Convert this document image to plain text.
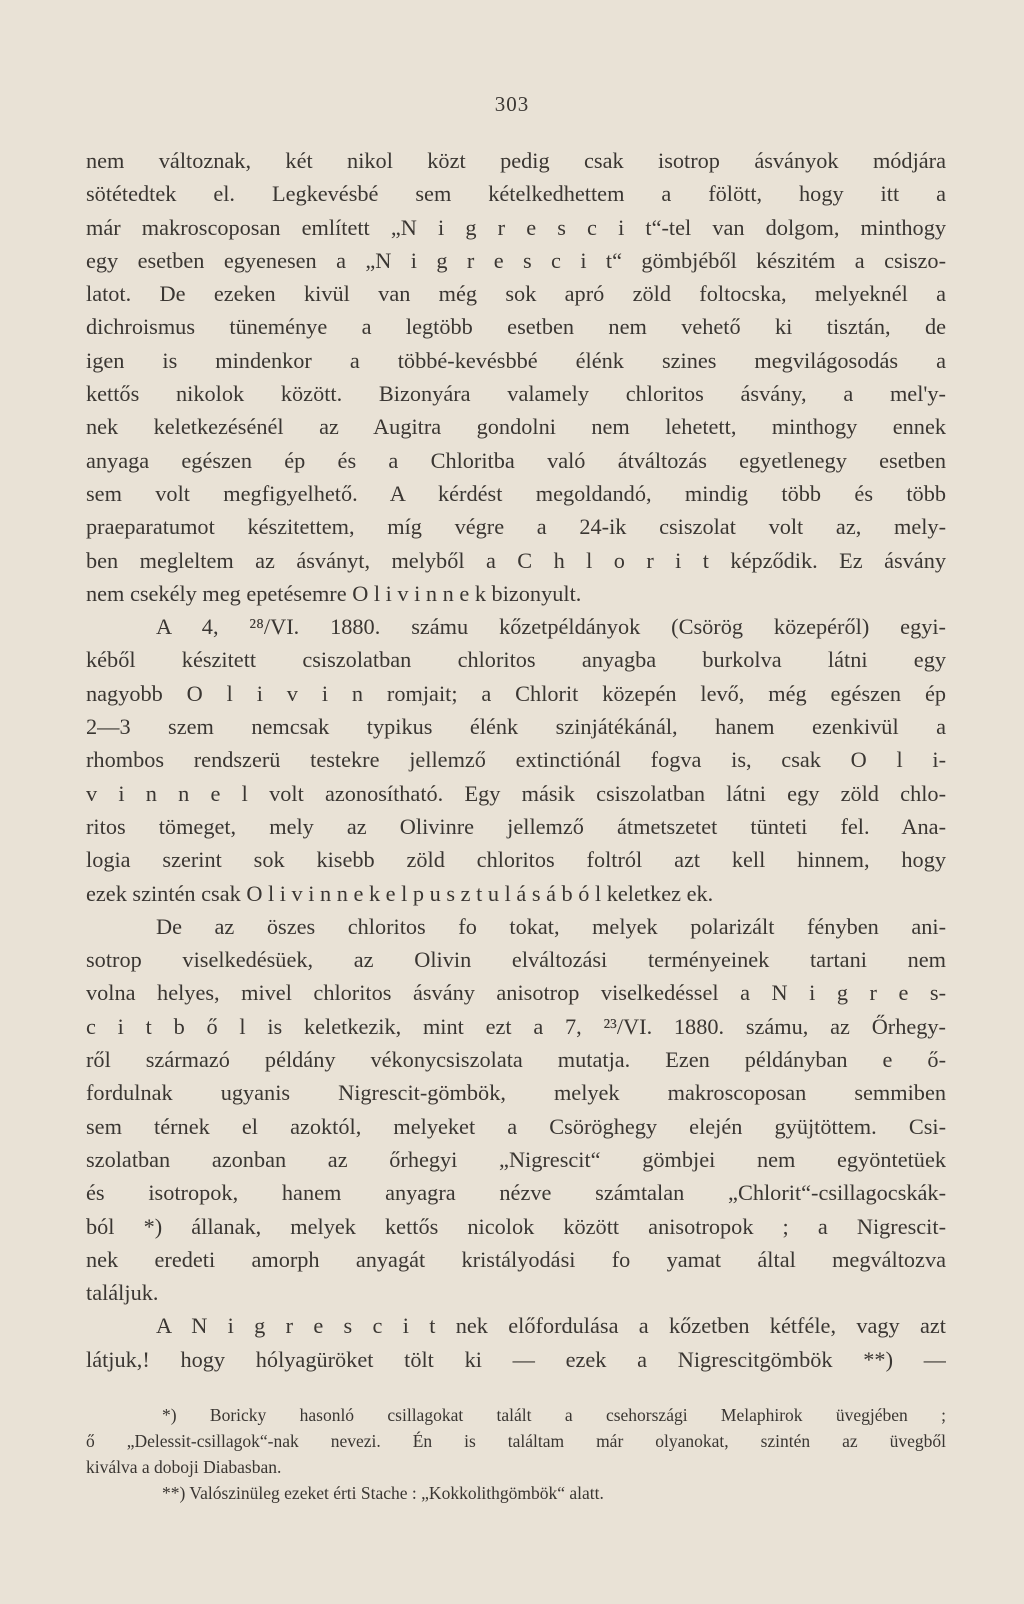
303

nem változnak, két nikol közt pedig csak isotrop ásványok módjára
sötétedtek el. Legkevésbé sem kételkedhettem a fölött, hogy itt a
már makroscoposan említett „N i g r e s c i t“-tel van dolgom, minthogy
egy esetben egyenesen a „N i g r e s c i t“ gömbjéből készitém a csiszo-
latot. De ezeken kivül van még sok apró zöld foltocska, melyeknél a
dichroismus tüneménye a legtöbb esetben nem vehető ki tisztán, de
igen is mindenkor a többé-kevésbbé élénk szines megvilágosodás a
kettős nikolok között. Bizonyára valamely chloritos ásvány, a mel'y-
nek keletkezésénél az Augitra gondolni nem lehetett, minthogy ennek
anyaga egészen ép és a Chloritba való átváltozás egyetlenegy esetben
sem volt megfigyelhető. A kérdést megoldandó, mindig több és több
praeparatumot készitettem, míg végre a 24-ik csiszolat volt az, mely-
ben megleltem az ásványt, melyből a C h l o r i t képződik. Ez ásvány
nem csekély meg epetésemre O l i v i n n e k bizonyult.

A 4, ²⁸/VI. 1880. számu kőzetpéldányok (Csörög közepéről) egyi-
kéből készitett csiszolatban chloritos anyagba burkolva látni egy
nagyobb O l i v i n romjait; a Chlorit közepén levő, még egészen ép
2—3 szem nemcsak typikus élénk szinjátékánál, hanem ezenkivül a
rhombos rendszerü testekre jellemző extinctiónál fogva is, csak O l i-
v i n n e l volt azonosítható. Egy másik csiszolatban látni egy zöld chlo-
ritos tömeget, mely az Olivinre jellemző átmetszetet tünteti fel. Ana-
logia szerint sok kisebb zöld chloritos foltról azt kell hinnem, hogy
ezek szintén csak O l i v i n n e k e l p u s z t u l á s á b ó l keletkez ek.

De az öszes chloritos fo tokat, melyek polarizált fényben ani-
sotrop viselkedésüek, az Olivin elváltozási terményeinek tartani nem
volna helyes, mivel chloritos ásvány anisotrop viselkedéssel a N i g r e s-
c i t b ő l is keletkezik, mint ezt a 7, ²³/VI. 1880. számu, az Őrhegy-
ről származó példány vékonycsiszolata mutatja. Ezen példányban e ő-
fordulnak ugyanis Nigrescit-gömbök, melyek makroscoposan semmiben
sem térnek el azoktól, melyeket a Csöröghegy elején gyüjtöttem. Csi-
szolatban azonban az őrhegyi „Nigrescit“ gömbjei nem egyöntetüek
és isotropok, hanem anyagra nézve számtalan „Chlorit“-csillagocskák-
ból *) állanak, melyek kettős nicolok között anisotropok ; a Nigrescit-
nek eredeti amorph anyagát kristályodási fo yamat által megváltozva
találjuk.

A N i g r e s c i t nek előfordulása a kőzetben kétféle, vagy azt
látjuk,! hogy hólyagüröket tölt ki — ezek a Nigrescitgömbök **) —

*) Boricky hasonló csillagokat talált a csehországi Melaphirok üvegjében ;
ő „Delessit-csillagok“-nak nevezi. Én is találtam már olyanokat, szintén az üvegből
kiválva a doboji Diabasban.
**) Valószinüleg ezeket érti Stache : „Kokkolithgömbök“ alatt.
